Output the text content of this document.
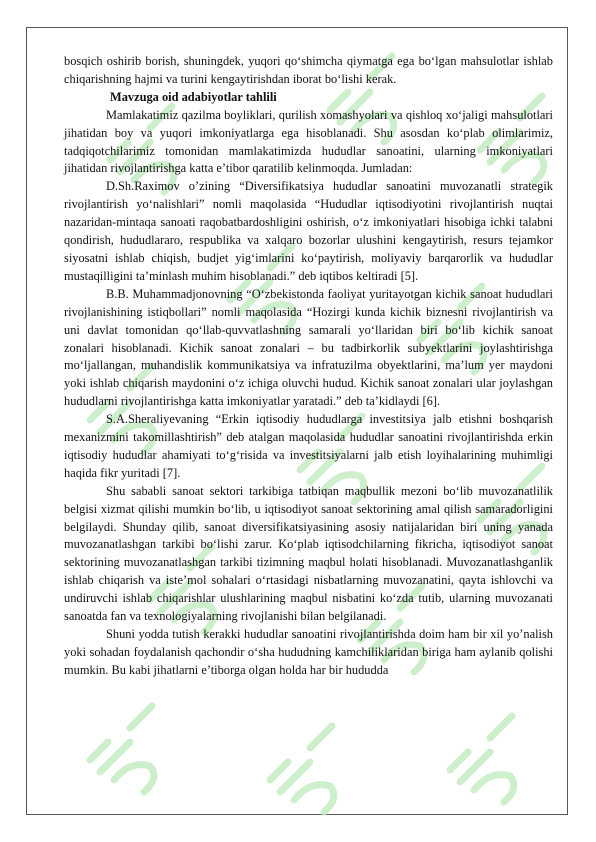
bosqich oshirib borish, shuningdek, yuqori qo‘shimcha qiymatga ega bo‘lgan mahsulotlar ishlab chiqarishning hajmi va turini kengaytirishdan iborat bo‘lishi kerak.

Mavzuga oid adabiyotlar tahlili

Mamlakatimiz qazilma boyliklari, qurilish xomashyolari va qishloq xo‘jaligi mahsulotlari jihatidan boy va yuqori imkoniyatlarga ega hisoblanadi. Shu asosdan ko‘plab olimlarimiz, tadqiqotchilarimiz tomonidan mamlakatimizda hududlar sanoatini, ularning imkoniyatlari jihatidan rivojlantirishga katta e’tibor qaratilib kelinmoqda. Jumladan:

D.Sh.Raximov o’zining “Diversifikatsiya hududlar sanoatini muvozanatli strategik rivojlantirish yo‘nalishlari” nomli maqolasida “Hududlar iqtisodiyotini rivojlantirish nuqtai nazaridan-mintaqa sanoati raqobatbardoshligini oshirish, o‘z imkoniyatlari hisobiga ichki talabni qondirish, hududlararo, respublika va xalqaro bozorlar ulushini kengaytirish, resurs tejamkor siyosatni ishlab chiqish, budjet yig‘imlarini ko‘paytirish, moliyaviy barqarorlik va hududlar mustaqilligini ta’minlash muhim hisoblanadi.” deb iqtibos keltiradi [5].

B.B. Muhammadjonovning “O‘zbekistonda faoliyat yuritayotgan kichik sanoat hududlari rivojlanishining istiqbollari” nomli maqolasida “Hozirgi kunda kichik biznesni rivojlantirish va uni davlat tomonidan qo‘llab-quvvatlashning samarali yo‘llaridan biri bo‘lib kichik sanoat zonalari hisoblanadi. Kichik sanoat zonalari – bu tadbirkorlik subyektlarini joylashtirishga mo‘ljallangan, muhandislik kommunikatsiya va infratuzilma obyektlarini, ma’lum yer maydoni yoki ishlab chiqarish maydonini o‘z ichiga oluvchi hudud. Kichik sanoat zonalari ular joylashgan hududlarni rivojlantirishga katta imkoniyatlar yaratadi.” deb ta’kidlaydi [6].

S.A.Sheraliyevaning “Erkin iqtisodiy hududlarga investitsiya jalb etishni boshqarish mexanizmini takomillashtirish” deb atalgan maqolasida hududlar sanoatini rivojlantirishda erkin iqtisodiy hududlar ahamiyati to‘g‘risida va investitsiyalarni jalb etish loyihalarining muhimligi haqida fikr yuritadi [7].

Shu sababli sanoat sektori tarkibiga tatbiqan maqbullik mezoni bo‘lib muvozanatlilik belgisi xizmat qilishi mumkin bo‘lib, u iqtisodiyot sanoat sektorining amal qilish samaradorligini belgilaydi. Shunday qilib, sanoat diversifikatsiyasining asosiy natijalaridan biri uning yanada muvozanatlashgan tarkibi bo‘lishi zarur. Ko‘plab iqtisodchilarning fikricha, iqtisodiyot sanoat sektorining muvozanatlashgan tarkibi tizimning maqbul holati hisoblanadi. Muvozanatlashganlik ishlab chiqarish va iste’mol sohalari o‘rtasidagi nisbatlarning muvozanatini, qayta ishlovchi va undiruvchi ishlab chiqarishlar ulushlarining maqbul nisbatini ko‘zda tutib, ularning muvozanati sanoatda fan va texnologiyalarning rivojlanishi bilan belgilanadi.

Shuni yodda tutish kerakki hududlar sanoatini rivojlantirishda doim ham bir xil yo’nalish yoki sohadan foydalanish qachondir o‘sha hududning kamchiliklaridan biriga ham aylanib qolishi mumkin. Bu kabi jihatlarni e’tiborga olgan holda har bir hududda
